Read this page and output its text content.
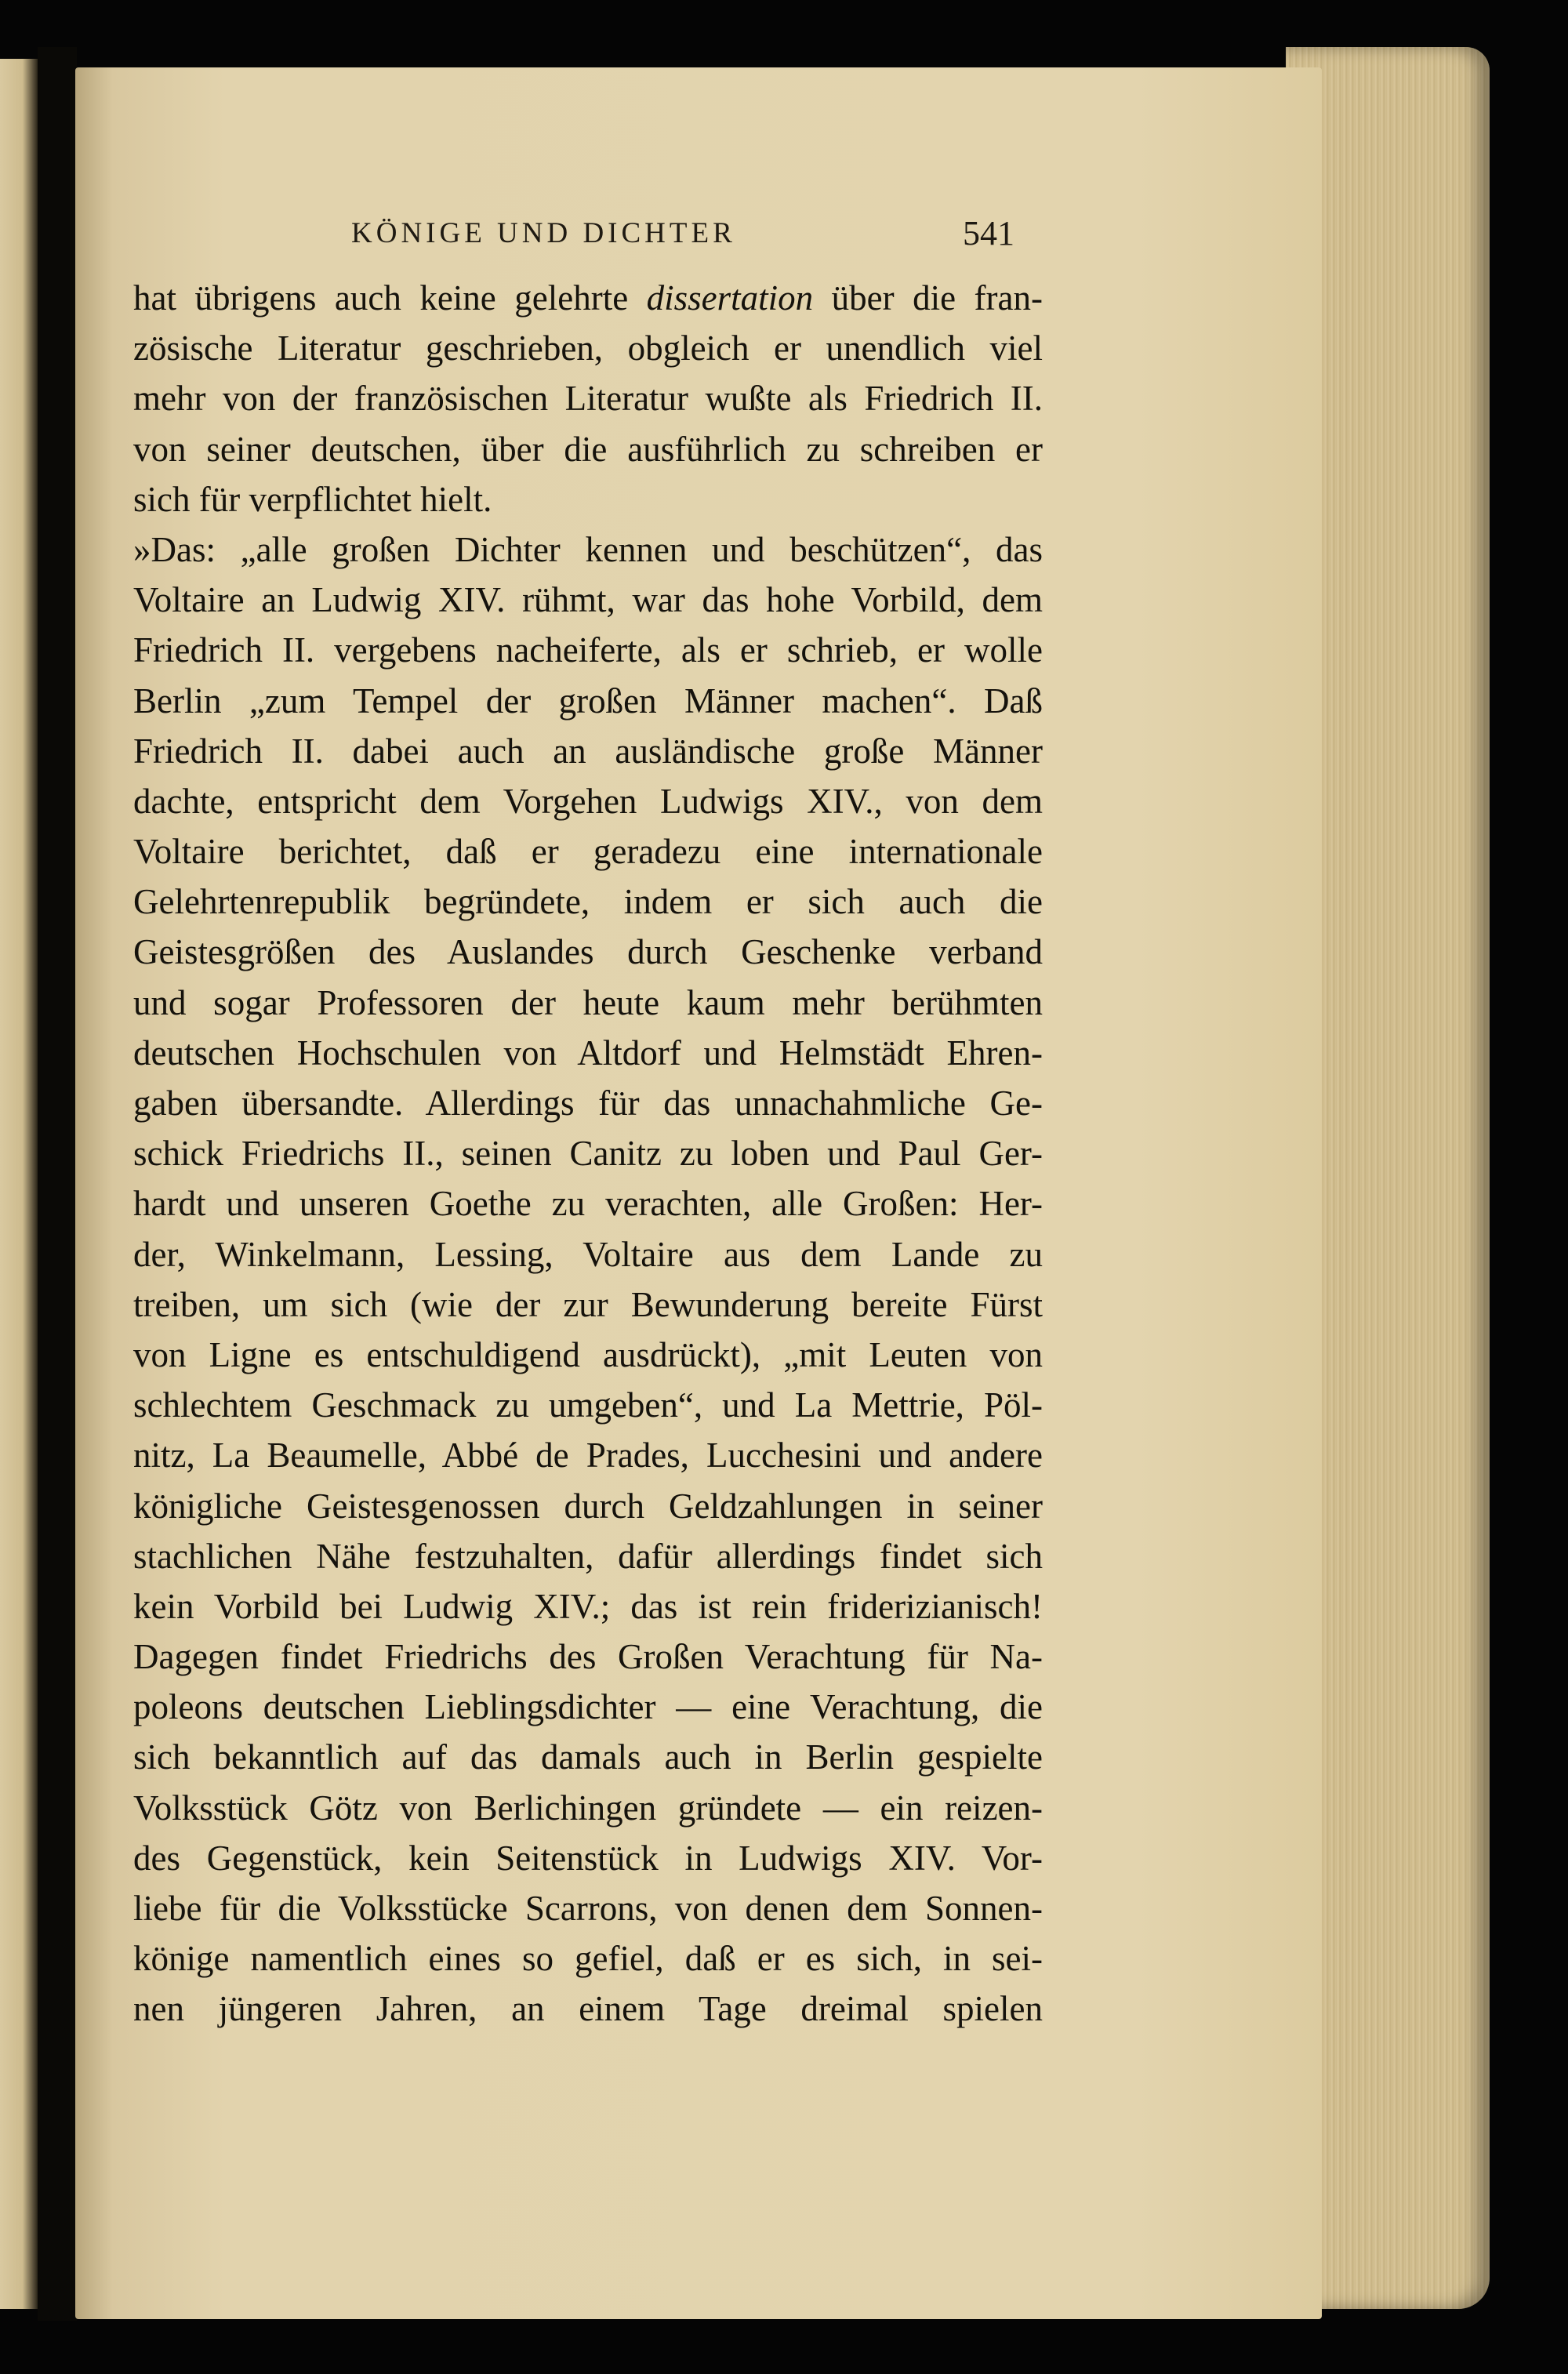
KÖNIGE UND DICHTER	541
hat übrigens auch keine gelehrte dissertation über die fran-
zösische Literatur geschrieben, obgleich er unendlich viel
mehr von der französischen Literatur wußte als Friedrich II.
von seiner deutschen, über die ausführlich zu schreiben er
sich für verpflichtet hielt.
»Das: „alle großen Dichter kennen und beschützen“, das
Voltaire an Ludwig XIV. rühmt, war das hohe Vorbild, dem
Friedrich II. vergebens nacheiferte, als er schrieb, er wolle
Berlin „zum Tempel der großen Männer machen“. Daß
Friedrich II. dabei auch an ausländische große Männer
dachte, entspricht dem Vorgehen Ludwigs XIV., von dem
Voltaire berichtet, daß er geradezu eine internationale
Gelehrtenrepublik begründete, indem er sich auch die
Geistesgrößen des Auslandes durch Geschenke verband
und sogar Professoren der heute kaum mehr berühmten
deutschen Hochschulen von Altdorf und Helmstädt Ehren-
gaben übersandte. Allerdings für das unnachahmliche Ge-
schick Friedrichs II., seinen Canitz zu loben und Paul Ger-
hardt und unseren Goethe zu verachten, alle Großen: Her-
der, Winkelmann, Lessing, Voltaire aus dem Lande zu
treiben, um sich (wie der zur Bewunderung bereite Fürst
von Ligne es entschuldigend ausdrückt), „mit Leuten von
schlechtem Geschmack zu umgeben“, und La Mettrie, Pöl-
nitz, La Beaumelle, Abbé de Prades, Lucchesini und andere
königliche Geistesgenossen durch Geldzahlungen in seiner
stachlichen Nähe festzuhalten, dafür allerdings findet sich
kein Vorbild bei Ludwig XIV.; das ist rein friderizianisch!
Dagegen findet Friedrichs des Großen Verachtung für Na-
poleons deutschen Lieblingsdichter — eine Verachtung, die
sich bekanntlich auf das damals auch in Berlin gespielte
Volksstück Götz von Berlichingen gründete — ein reizen-
des Gegenstück, kein Seitenstück in Ludwigs XIV. Vor-
liebe für die Volksstücke Scarrons, von denen dem Sonnen-
könige namentlich eines so gefiel, daß er es sich, in sei-
nen jüngeren Jahren, an einem Tage dreimal spielen
